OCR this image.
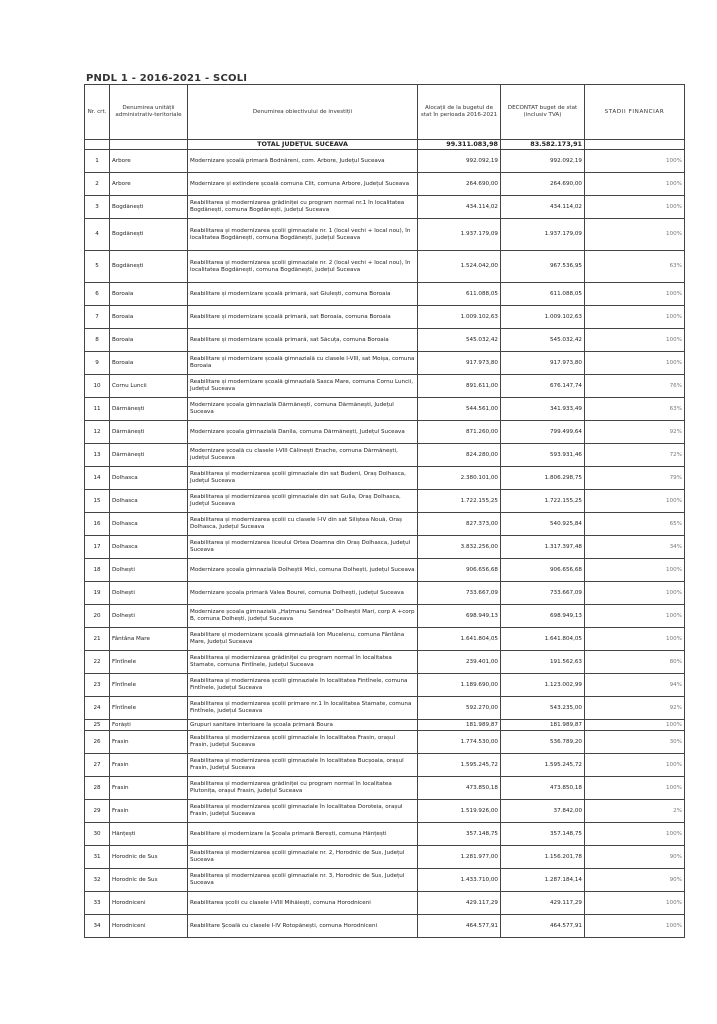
PNDL 1 - 2016-2021 - SCOLI
Nr. crt.	Denumirea unității administrativ-teritoriale	Denumirea obiectivului de investiții	Alocații de la bugetul de stat în perioada 2016-2021	DECONTAT buget de stat (inclusiv TVA)	STADII FINANCIAR
		TOTAL JUDEȚUL SUCEAVA	99.311.083,98	83.582.173,91	
1	Arbore	Modernizare școală primară Bodnăreni, com. Arbore, Județul Suceava	992.092,19	992.092,19	100%
2	Arbore	Modernizare și extindere școală comuna Clit, comuna Arbore, Județul Suceava	264.690,00	264.690,00	100%
3	Bogdănești	Reabilitarea și modernizarea grădiniței cu program normal nr.1 în localitatea Bogdănești, comuna Bogdănești, județul Suceava	434.114,02	434.114,02	100%
4	Bogdănești	Reabilitarea și modernizarea școlii gimnaziale nr. 1 (local vechi + local nou), în localitatea Bogdănești, comuna Bogdănești, județul Suceava	1.937.179,09	1.937.179,09	100%
5	Bogdănești	Reabilitarea și modernizarea școlii gimnaziale nr. 2 (local vechi + local nou), în localitatea Bogdănești, comuna Bogdănești, județul Suceava	1.524.042,00	967.536,95	63%
6	Boroaia	Reabilitare și modernizare școală primară, sat Giulești, comuna Boroaia	611.088,05	611.088,05	100%
7	Boroaia	Reabilitare și modernizare școală primară, sat Boroaia, comuna Boroaia	1.009.102,63	1.009.102,63	100%
8	Boroaia	Reabilitare și modernizare școală primară, sat Săcuța, comuna Boroaia	545.032,42	545.032,42	100%
9	Boroaia	Reabilitare și modernizare școală gimnazială cu clasele I-VIII, sat Moișa, comuna Boroaia	917.973,80	917.973,80	100%
10	Cornu Luncii	Reabilitare și modernizare școală gimnazială Sasca Mare, comuna Cornu Luncii, Județul Suceava	891.611,00	676.147,74	76%
11	Dărmănești	Modernizare școala gimnazială Dărmănești, comuna Dărmănești, Județul Suceava	544.561,00	341.933,49	63%
12	Dărmănești	Modernizare școala gimnazială Danila, comuna Dărmănești, Județul Suceava	871.260,00	799.499,64	92%
13	Dărmănești	Modernizare școală cu clasele I-VIII Călinești Enache, comuna Dărmănești, județul Suceava	824.280,00	593.931,46	72%
14	Dolhasca	Reabilitarea și modernizarea școlii gimnaziale din sat Budeni, Oraș Dolhasca, Județul Suceava	2.380.101,00	1.806.298,75	79%
15	Dolhasca	Reabilitarea și modernizarea școlii gimnaziale din sat Gulia, Oraș Dolhasca, Județul Suceava	1.722.155,25	1.722.155,25	100%
16	Dolhasca	Reabilitarea și modernizarea școlii cu clasele I-IV din sat Siliștea Nouă, Oraș Dolhasca, Județul Suceava	827.373,00	540.925,84	65%
17	Dolhasca	Reabilitarea și modernizarea liceului Ortea Doamna din Oraș Dolhasca, Județul Suceava	3.832.256,00	1.317.397,48	34%
18	Dolhești	Modernizare școala gimnazială Dolheștii Mici, comuna Dolhești, județul Suceava	906.656,68	906.656,68	100%
19	Dolhești	Modernizare școala primară Valea Bourei, comuna Dolhești, județul Suceava	733.667,09	733.667,09	100%
20	Dolhești	Modernizare școala gimnazială „Hațmanu Sendrea" Dolheștii Mari, corp A +corp B, comuna Dolhești, județul Suceava	698.949,13	698.949,13	100%
21	Fântâna Mare	Reabilitare și modernizare școală gimnazială Ion Mucelenu, comuna Fântâna Mare, Județul Suceava	1.641.804,05	1.641.804,05	100%
22	Fîntînele	Reabilitarea și modernizarea grădiniței cu program normal în localitatea Stamate, comuna Fintînele, județul Suceava	239.401,00	191.562,63	80%
23	Fîntînele	Reabilitarea și modernizarea școlii gimnaziale în localitatea Fintînele, comuna Fintînele, județul Suceava	1.189.690,00	1.123.002,99	94%
24	Fîntînele	Reabilitarea și modernizarea școlii primare nr.1 în localitatea Stamate, comuna Fintînele, județul Suceava	592.270,00	543.235,00	92%
25	Forăști	Grupuri sanitare interioare la școala primară Boura	181.989,87	181.989,87	100%
26	Frasin	Reabilitarea și modernizarea școlii gimnaziale în localitatea Frasin, orașul Frasin, județul Suceava	1.774.530,00	536.789,20	30%
27	Frasin	Reabilitarea și modernizarea școlii gimnaziale în localitatea Bucșoaia, orașul Frasin, Județul Suceava	1.595.245,72	1.595.245,72	100%
28	Frasin	Reabilitarea și modernizarea grădiniței cu program normal în localitatea Plutonița, orașul Frasin, județul Suceava	473.850,18	473.850,18	100%
29	Frasin	Reabilitarea și modernizarea școlii gimnaziale în localitatea Doroteia, orașul Frasin, județul Suceava	1.519.926,00	37.842,00	2%
30	Hănțești	Reabilitare și modernizare la Școala primară Berești, comuna Hănțești	357.148,75	357.148,75	100%
31	Horodnic de Sus	Reabilitarea și modernizarea școlii gimnaziale nr. 2, Horodnic de Sus, Județul Suceava	1.281.977,00	1.156.201,78	90%
32	Horodnic de Sus	Reabilitarea și modernizarea școlii gimnaziale nr. 3, Horodnic de Sus, Județul Suceava	1.433.710,00	1.287.184,14	90%
33	Horodniceni	Reabilitarea școlii cu clasele I-VIII Mihăiești, comuna Horodniceni	429.117,29	429.117,29	100%
34	Horodniceni	Reabilitare Școală cu clasele I-IV Rotopănești, comuna Horodniceni	464.577,91	464.577,91	100%
